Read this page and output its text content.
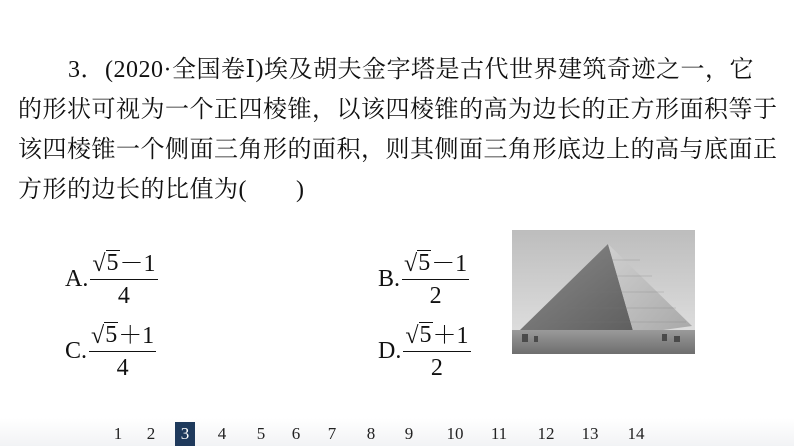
3．(2020·全国卷Ⅰ)埃及胡夫金字塔是古代世界建筑奇迹之一，它

的形状可视为一个正四棱锥，以该四棱锥的高为边长的正方形面积等于

该四棱锥一个侧面三角形的面积，则其侧面三角形底边上的高与底面正

方形的边长的比值为(　　)

A. $\frac{√ 5 -1}{4}$	B. $\frac{√ 5 -1}{2}$
C. $\frac{√ 5 +1}{4}$	D. $\frac{√ 5 +1}{2}$
1	2	3	4	5	6	7	8	9	10 11 12 13 14
